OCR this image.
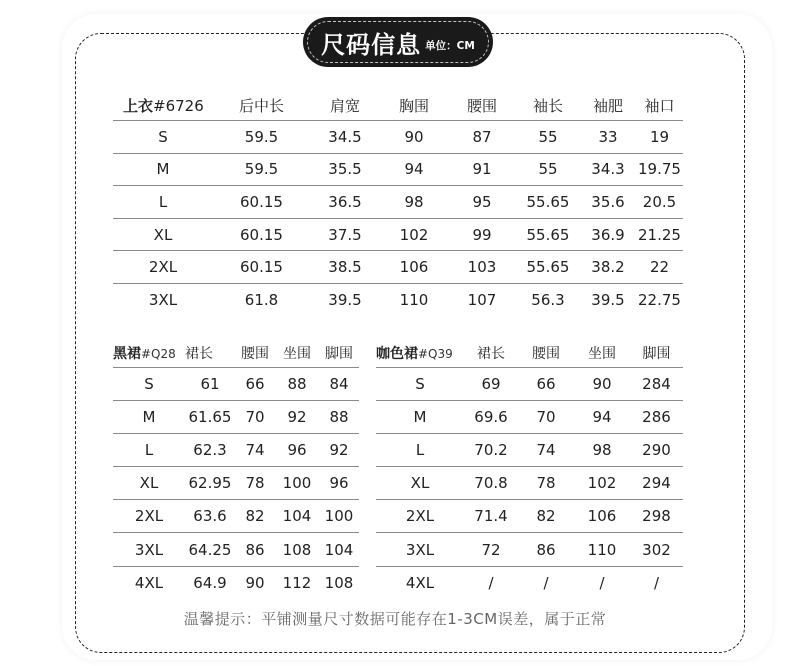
尺码信息 单位：CM
上衣#6726	后中长	肩宽	胸围	腰围	袖长	袖肥	袖口
S	59.5	34.5	90	87	55	33	19
M	59.5	35.5	94	91	55	34.3	19.75
L	60.15	36.5	98	95	55.65	35.6	20.5
XL	60.15	37.5	102	99	55.65	36.9	21.25
2XL	60.15	38.5	106	103	55.65	38.2	22
3XL	61.8	39.5	110	107	56.3	39.5	22.75
黑裙#Q28	裙长	腰围	坐围	脚围
S	61	66	88	84
M	61.65	70	92	88
L	62.3	74	96	92
XL	62.95	78	100	96
2XL	63.6	82	104	100
3XL	64.25	86	108	104
4XL	64.9	90	112	108
咖色裙#Q39	裙长	腰围	坐围	脚围
S	69	66	90	284
M	69.6	70	94	286
L	70.2	74	98	290
XL	70.8	78	102	294
2XL	71.4	82	106	298
3XL	72	86	110	302
4XL	/	/	/	/
温馨提示：平铺测量尺寸数据可能存在1-3CM误差，属于正常
